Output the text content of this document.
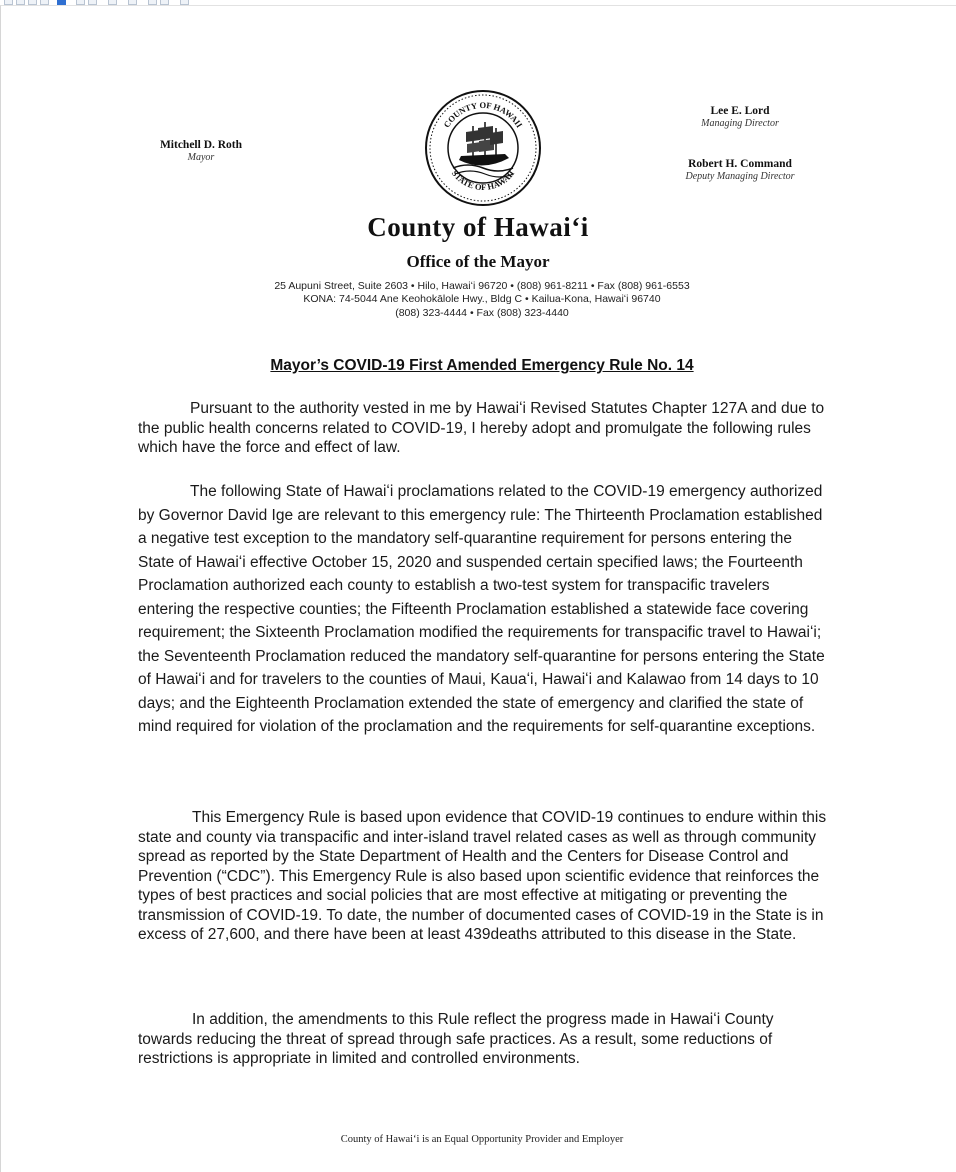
Mitchell D. Roth
Mayor
Lee E. Lord
Managing Director
Robert H. Command
Deputy Managing Director
COUNTY OF HAWAII
STATE OF HAWAII
County of Hawaiʻi
Office of the Mayor
25 Aupuni Street, Suite 2603 • Hilo, Hawaiʻi 96720 • (808) 961-8211 • Fax (808) 961-6553
KONA: 74-5044 Ane Keohokālole Hwy., Bldg C • Kailua-Kona, Hawaiʻi 96740
(808) 323-4444 • Fax (808) 323-4440
Mayor’s COVID-19 First Amended Emergency Rule No. 14

Pursuant to the authority vested in me by Hawaiʻi Revised Statutes Chapter 127A and due to the public health concerns related to COVID-19, I hereby adopt and promulgate the following rules which have the force and effect of law.

The following State of Hawaiʻi proclamations related to the COVID-19 emergency authorized by Governor David Ige are relevant to this emergency rule: The Thirteenth Proclamation established a negative test exception to the mandatory self-quarantine requirement for persons entering the State of Hawaiʻi effective October 15, 2020 and suspended certain specified laws; the Fourteenth Proclamation authorized each county to establish a two-test system for transpacific travelers entering the respective counties; the Fifteenth Proclamation established a statewide face covering requirement; the Sixteenth Proclamation modified the requirements for transpacific travel to Hawaiʻi; the Seventeenth Proclamation reduced the mandatory self-quarantine for persons entering the State of Hawaiʻi and for travelers to the counties of Maui, Kauaʻi, Hawaiʻi and Kalawao from 14 days to 10 days; and the Eighteenth Proclamation extended the state of emergency and clarified the state of mind required for violation of the proclamation and the requirements for self-quarantine exceptions.

This Emergency Rule is based upon evidence that COVID-19 continues to endure within this state and county via transpacific and inter-island travel related cases as well as through community spread as reported by the State Department of Health and the Centers for Disease Control and Prevention (“CDC”). This Emergency Rule is also based upon scientific evidence that reinforces the types of best practices and social policies that are most effective at mitigating or preventing the transmission of COVID-19. To date, the number of documented cases of COVID-19 in the State is in excess of 27,600, and there have been at least 439deaths attributed to this disease in the State.

In addition, the amendments to this Rule reflect the progress made in Hawaiʻi County towards reducing the threat of spread through safe practices. As a result, some reductions of restrictions is appropriate in limited and controlled environments.

County of Hawaiʻi is an Equal Opportunity Provider and Employer
